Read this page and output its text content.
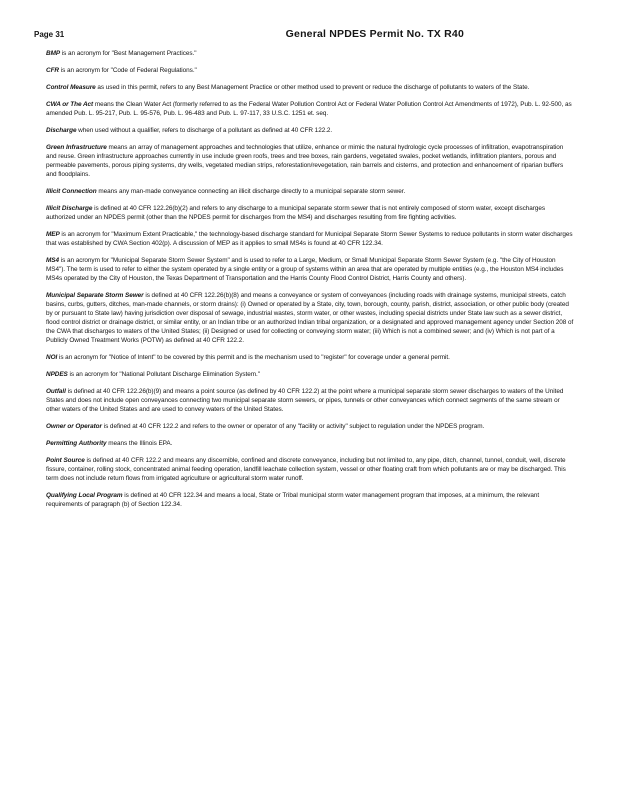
Page 31	General NPDES Permit No. TX R40

BMP is an acronym for "Best Management Practices."

CFR is an acronym for "Code of Federal Regulations."

Control Measure as used in this permit, refers to any Best Management Practice or other method used to prevent or reduce the discharge of pollutants to waters of the State.

CWA or The Act means the Clean Water Act (formerly referred to as the Federal Water Pollution Control Act or Federal Water Pollution Control Act Amendments of 1972), Pub. L. 92-500, as amended Pub. L. 95-217, Pub. L. 95-576, Pub. L. 96-483 and Pub. L. 97-117, 33 U.S.C. 1251 et. seq.

Discharge when used without a qualifier, refers to discharge of a pollutant as defined at 40 CFR 122.2.

Green Infrastructure means an array of management approaches and technologies that utilize, enhance or mimic the natural hydrologic cycle processes of infiltration, evapotranspiration and reuse. Green infrastructure approaches currently in use include green roofs, trees and tree boxes, rain gardens, vegetated swales, pocket wetlands, infiltration planters, porous and permeable pavements, porous piping systems, dry wells, vegetated median strips, reforestation/revegetation, rain barrels and cisterns, and protection and enhancement of riparian buffers and floodplains.

Illicit Connection means any man-made conveyance connecting an illicit discharge directly to a municipal separate storm sewer.

Illicit Discharge is defined at 40 CFR 122.26(b)(2) and refers to any discharge to a municipal separate storm sewer that is not entirely composed of storm water, except discharges authorized under an NPDES permit (other than the NPDES permit for discharges from the MS4) and discharges resulting from fire fighting activities.

MEP is an acronym for "Maximum Extent Practicable," the technology-based discharge standard for Municipal Separate Storm Sewer Systems to reduce pollutants in storm water discharges that was established by CWA Section 402(p). A discussion of MEP as it applies to small MS4s is found at 40 CFR 122.34.

MS4 is an acronym for "Municipal Separate Storm Sewer System" and is used to refer to a Large, Medium, or Small Municipal Separate Storm Sewer System (e.g. "the City of Houston MS4"). The term is used to refer to either the system operated by a single entity or a group of systems within an area that are operated by multiple entities (e.g., the Houston MS4 includes MS4s operated by the City of Houston, the Texas Department of Transportation and the Harris County Flood Control District, Harris County and others).

Municipal Separate Storm Sewer is defined at 40 CFR 122.26(b)(8) and means a conveyance or system of conveyances (including roads with drainage systems, municipal streets, catch basins, curbs, gutters, ditches, man-made channels, or storm drains): (i) Owned or operated by a State, city, town, borough, county, parish, district, association, or other public body (created by or pursuant to State law) having jurisdiction over disposal of sewage, industrial wastes, storm water, or other wastes, including special districts under State law such as a sewer district, flood control district or drainage district, or similar entity, or an Indian tribe or an authorized Indian tribal organization, or a designated and approved management agency under Section 208 of the CWA that discharges to waters of the United States; (ii) Designed or used for collecting or conveying storm water; (iii) Which is not a combined sewer; and (iv) Which is not part of a Publicly Owned Treatment Works (POTW) as defined at 40 CFR 122.2.

NOI is an acronym for "Notice of Intent" to be covered by this permit and is the mechanism used to "register" for coverage under a general permit.

NPDES is an acronym for "National Pollutant Discharge Elimination System."

Outfall is defined at 40 CFR 122.26(b)(9) and means a point source (as defined by 40 CFR 122.2) at the point where a municipal separate storm sewer discharges to waters of the United States and does not include open conveyances connecting two municipal separate storm sewers, or pipes, tunnels or other conveyances which connect segments of the same stream or other waters of the United States and are used to convey waters of the United States.

Owner or Operator is defined at 40 CFR 122.2 and refers to the owner or operator of any "facility or activity" subject to regulation under the NPDES program.

Permitting Authority means the Illinois EPA.

Point Source is defined at 40 CFR 122.2 and means any discernible, confined and discrete conveyance, including but not limited to, any pipe, ditch, channel, tunnel, conduit, well, discrete fissure, container, rolling stock, concentrated animal feeding operation, landfill leachate collection system, vessel or other floating craft from which pollutants are or may be discharged. This term does not include return flows from irrigated agriculture or agricultural storm water runoff.

Qualifying Local Program is defined at 40 CFR 122.34 and means a local, State or Tribal municipal storm water management program that imposes, at a minimum, the relevant requirements of paragraph (b) of Section 122.34.
